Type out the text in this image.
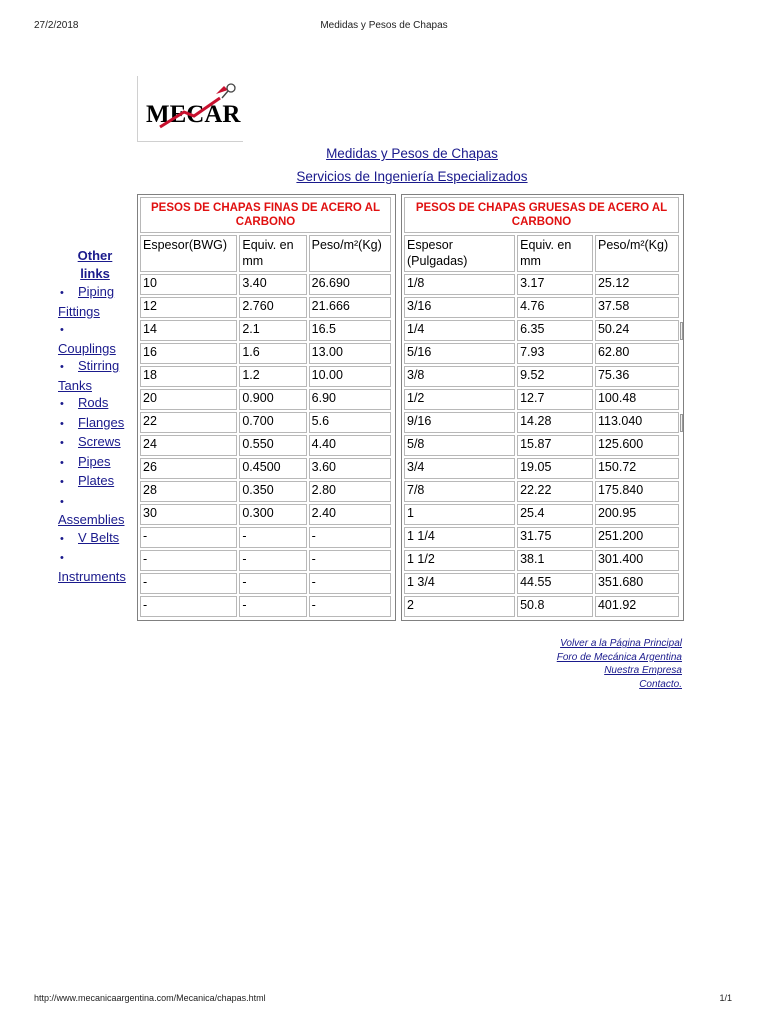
27/2/2018	Medidas y Pesos de Chapas
MECAR
Medidas y Pesos de Chapas
Servicios de Ingeniería Especializados
Other
links
• Piping Fittings
•Couplings
• Stirring Tanks
• Rods
• Flanges
• Screws
• Pipes
• Plates
•Assemblies
• V Belts
•Instruments
PESOS DE CHAPAS FINAS DE ACERO AL CARBONO		
Espesor(BWG)	Equiv. en mm	Peso/m²(Kg)
10	3.40	26.690
12	2.760	21.666
14	2.1	16.5
16	1.6	13.00
18	1.2	10.00
20	0.900	6.90
22	0.700	5.6
24	0.550	4.40
26	0.4500	3.60
28	0.350	2.80
30	0.300	2.40
-	-	-
-	-	-
-	-	-
-	-	-
PESOS DE CHAPAS GRUESAS DE ACERO AL CARBONO		
Espesor (Pulgadas)	Equiv. en mm	Peso/m²(Kg)
1/8	3.17	25.12
3/16	4.76	37.58
1/4	6.35	50.24
5/16	7.93	62.80
3/8	9.52	75.36
1/2	12.7	100.48
9/16	14.28	113.040
5/8	15.87	125.600
3/4	19.05	150.72
7/8	22.22	175.840
1	25.4	200.95
1 1/4	31.75	251.200
1 1/2	38.1	301.400
1 3/4	44.55	351.680
2	50.8	401.92
Volver a la Página Principal
Foro de Mecánica Argentina
Nuestra Empresa
Contacto.
http://www.mecanicaargentina.com/Mecanica/chapas.html	1/1
